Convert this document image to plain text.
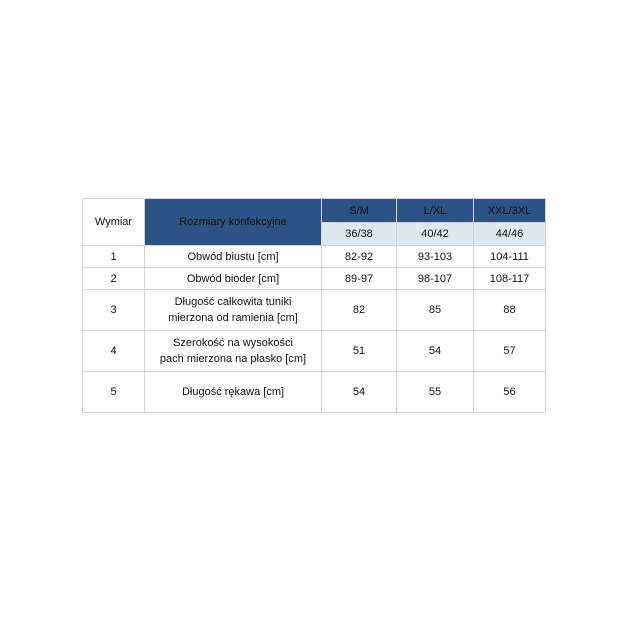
Wymiar	Rozmiary konfekcyjne	S/M	L/XL	XXL/3XL
		36/38	40/42	44/46
1	Obwód biustu [cm]	82-92	93-103	104-111
2	Obwód bioder [cm]	89-97	98-107	108-117
3	Długość całkowita tuniki
mierzona od ramienia [cm]	82	85	88
4	Szerokość na wysokości
pach mierzona na płasko [cm]	51	54	57
5	Długość rękawa [cm]	54	55	56
